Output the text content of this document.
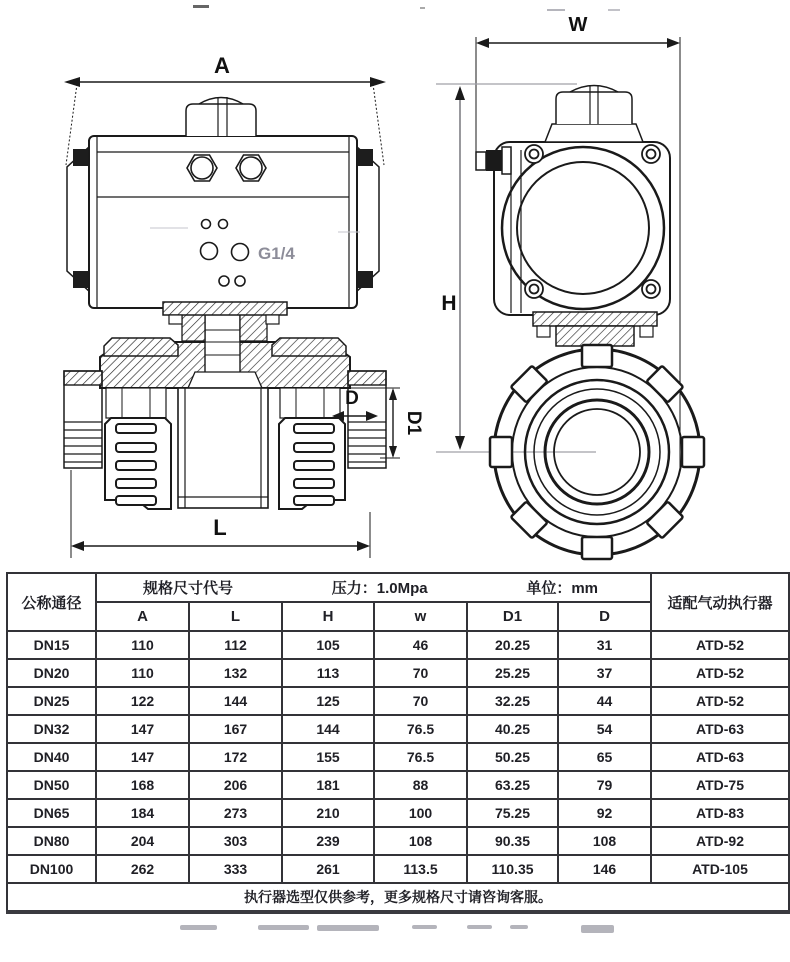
A
G1/4
D
D1
L
W
H
公称通径	规格尺寸代号 压力：1.0Mpa 单位：mm						适配气动执行器
	A	L	H	w	D1	D	
DN15	110	112	105	46	20.25	31	ATD-52
DN20	110	132	113	70	25.25	37	ATD-52
DN25	122	144	125	70	32.25	44	ATD-52
DN32	147	167	144	76.5	40.25	54	ATD-63
DN40	147	172	155	76.5	50.25	65	ATD-63
DN50	168	206	181	88	63.25	79	ATD-75
DN65	184	273	210	100	75.25	92	ATD-83
DN80	204	303	239	108	90.35	108	ATD-92
DN100	262	333	261	113.5	110.35	146	ATD-105
执行器选型仅供参考，更多规格尺寸请咨询客服。							
